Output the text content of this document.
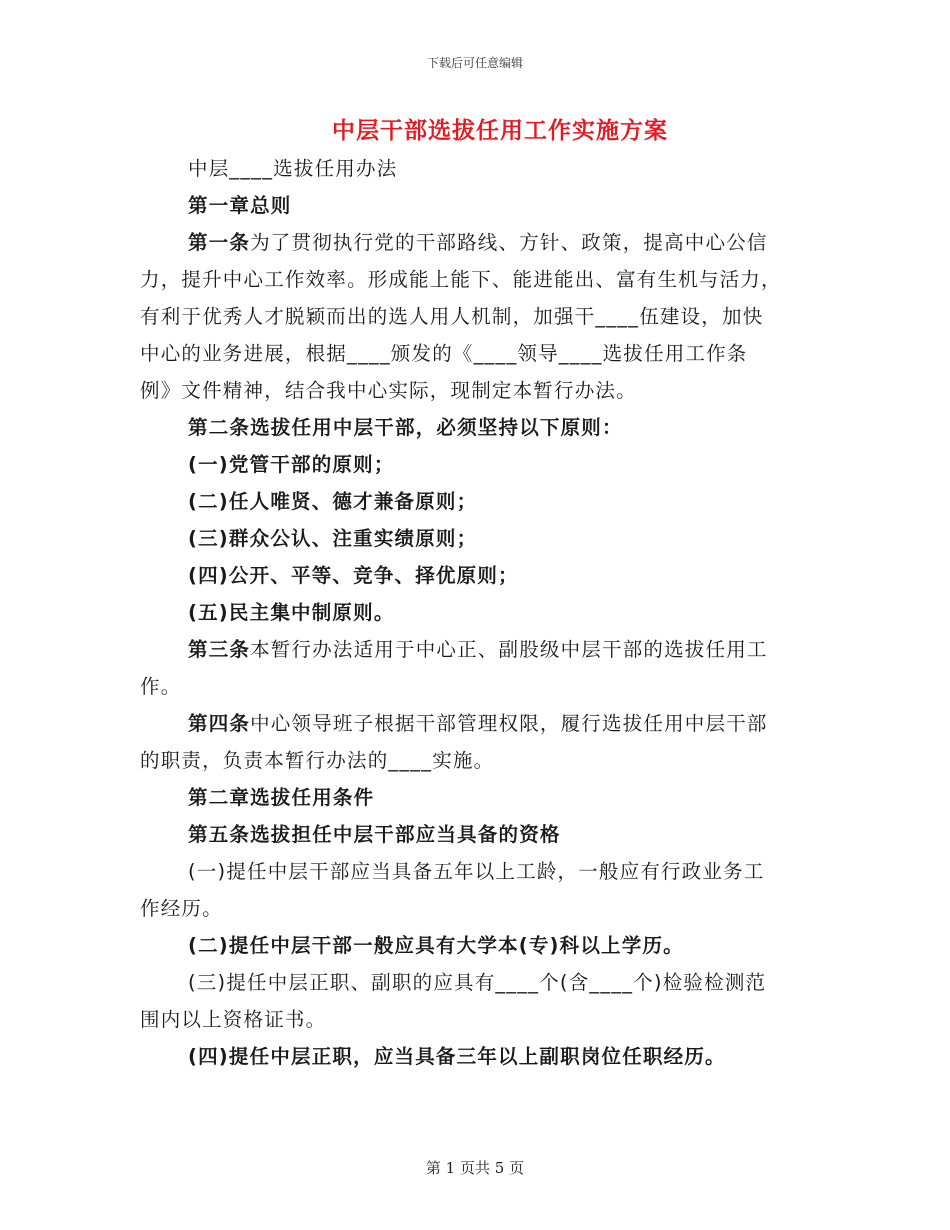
下载后可任意编辑
中层干部选拔任用工作实施方案

中层____选拔任用办法

第一章总则

第一条为了贯彻执行党的干部路线、方针、政策，提高中心公信

力，提升中心工作效率。形成能上能下、能进能出、富有生机与活力，

有利于优秀人才脱颖而出的选人用人机制，加强干____伍建设，加快

中心的业务进展，根据____颁发的《____领导____选拔任用工作条

例》文件精神，结合我中心实际，现制定本暂行办法。

第二条选拔任用中层干部，必须坚持以下原则：

(一)党管干部的原则；

(二)任人唯贤、德才兼备原则；

(三)群众公认、注重实绩原则；

(四)公开、平等、竞争、择优原则；

(五)民主集中制原则。

第三条本暂行办法适用于中心正、副股级中层干部的选拔任用工

作。

第四条中心领导班子根据干部管理权限，履行选拔任用中层干部

的职责，负责本暂行办法的____实施。

第二章选拔任用条件

第五条选拔担任中层干部应当具备的资格

(一)提任中层干部应当具备五年以上工龄，一般应有行政业务工

作经历。

(二)提任中层干部一般应具有大学本(专)科以上学历。

(三)提任中层正职、副职的应具有____个(含____个)检验检测范

围内以上资格证书。

(四)提任中层正职，应当具备三年以上副职岗位任职经历。

第 1 页共 5 页
